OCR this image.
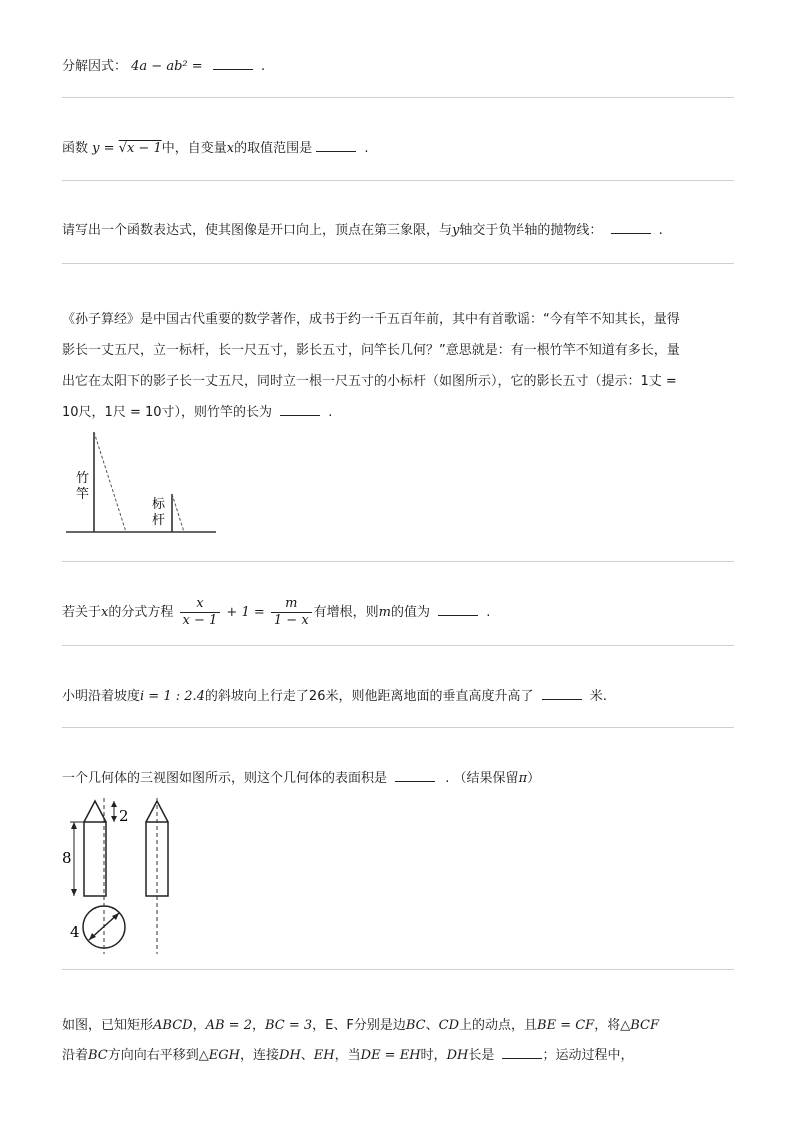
分解因式： 4a − ab² =	.
函数 y = √x − 1中，自变量x的取值范围是	.
请写出一个函数表达式，使其图像是开口向上，顶点在第三象限，与y轴交于负半轴的抛物线：	.
《孙子算经》是中国古代重要的数学著作，成书于约一千五百年前，其中有首歌谣：“今有竿不知其长，量得
影长一丈五尺，立一标杆，长一尺五寸，影长五寸，问竿长几何？”意思就是：有一根竹竿不知道有多长，量
出它在太阳下的影子长一丈五尺，同时立一根一尺五寸的小标杆（如图所示），它的影长五寸（提示：1丈 =
10尺，1尺 = 10寸），则竹竿的长为	.
竹
竿
标
杆
若关于x的分式方程 $\frac{x}{x - 1} + 1 = \frac{m}{1 - x}$ 有增根，则m的值为	.
小明沿着坡度i = 1 : 2.4的斜坡向上行走了26米，则他距离地面的垂直高度升高了	米.
一个几何体的三视图如图所示，则这个几何体的表面积是	. （结果保留π）
2
8
4
如图，已知矩形ABCD，AB = 2，BC = 3，E、F分别是边BC、CD上的动点，且BE = CF，将△BCF
沿着BC方向向右平移到△EGH，连接DH、EH，当DE = EH时，DH长是	；运动过程中，
